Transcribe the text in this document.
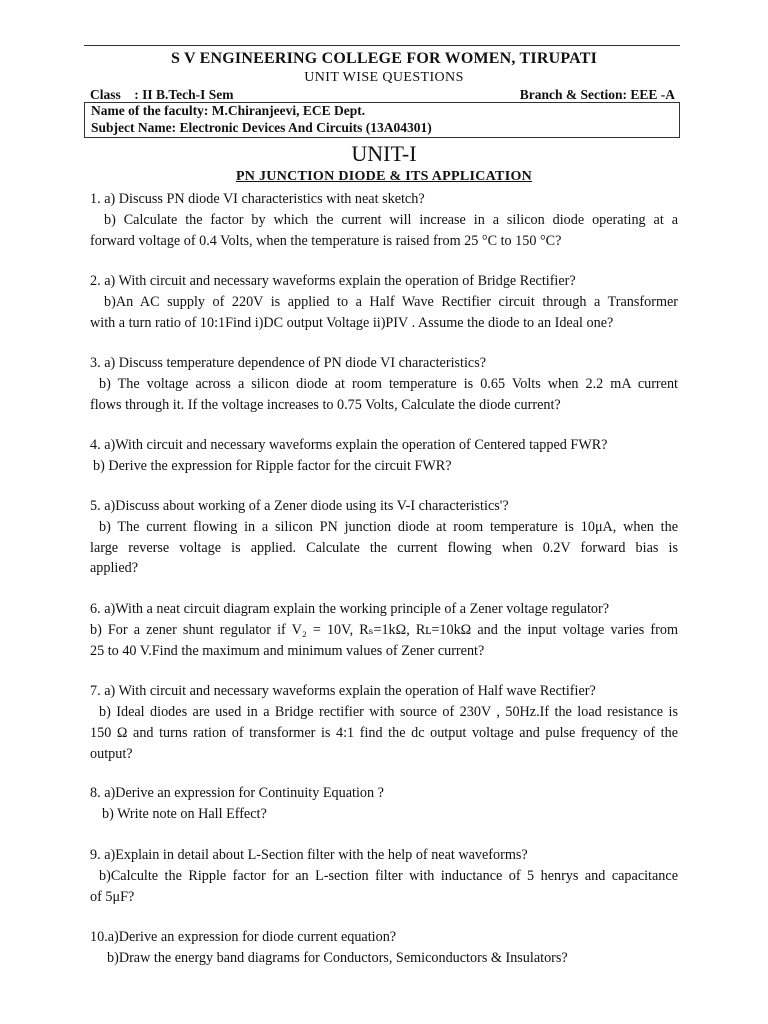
S V ENGINEERING COLLEGE FOR WOMEN, TIRUPATI
UNIT WISE QUESTIONS
Class    : II B.Tech-I Sem	Branch & Section: EEE -A
Name of the faculty: M.Chiranjeevi, ECE Dept.
Subject Name: Electronic Devices And Circuits (13A04301)
UNIT-I
PN JUNCTION DIODE & ITS APPLICATION
1. a) Discuss PN diode VI characteristics with neat sketch?
b) Calculate the factor by which the current will increase in a silicon diode operating at a
forward voltage of 0.4 Volts, when the temperature is raised from 25 °C to 150 °C?
2. a) With circuit and necessary waveforms explain the operation of Bridge Rectifier?
b)An AC supply of 220V is applied to a Half Wave Rectifier circuit through a Transformer
with a turn ratio of 10:1Find i)DC output Voltage ii)PIV . Assume the diode to an Ideal one?
3. a) Discuss temperature dependence of PN diode VI characteristics?
b) The voltage across a silicon diode at room temperature is 0.65 Volts when 2.2 mA current
flows through it. If the voltage increases to 0.75 Volts, Calculate the diode current?
4. a)With circuit and necessary waveforms explain the operation of Centered tapped FWR?
b) Derive the expression for Ripple factor for the circuit FWR?
5. a)Discuss about working of a Zener diode using its V-I characteristics'?
b) The current flowing in a silicon PN junction diode at room temperature is 10μA, when the
large reverse voltage is applied. Calculate the current flowing when 0.2V forward bias is
applied?
6. a)With a neat circuit diagram explain the working principle of a Zener voltage regulator?
b) For a zener shunt regulator if V₂ = 10V, Rₛ=1kΩ, Rʟ=10kΩ and the input voltage varies from
25 to 40 V.Find the maximum and minimum values of Zener current?
7. a) With circuit and necessary waveforms explain the operation of Half wave Rectifier?
b) Ideal diodes are used in a Bridge rectifier with source of 230V , 50Hz.If the load resistance is
150 Ω and turns ration of transformer is 4:1 find the dc output voltage and pulse frequency of the
output?
8. a)Derive an expression for Continuity Equation ?
b) Write note on Hall Effect?
9. a)Explain in detail about L-Section filter with the help of neat waveforms?
b)Calculte the Ripple factor for an L-section filter with inductance of 5 henrys and capacitance
of 5μF?
10.a)Derive an expression for diode current equation?
b)Draw the energy band diagrams for Conductors, Semiconductors & Insulators?
